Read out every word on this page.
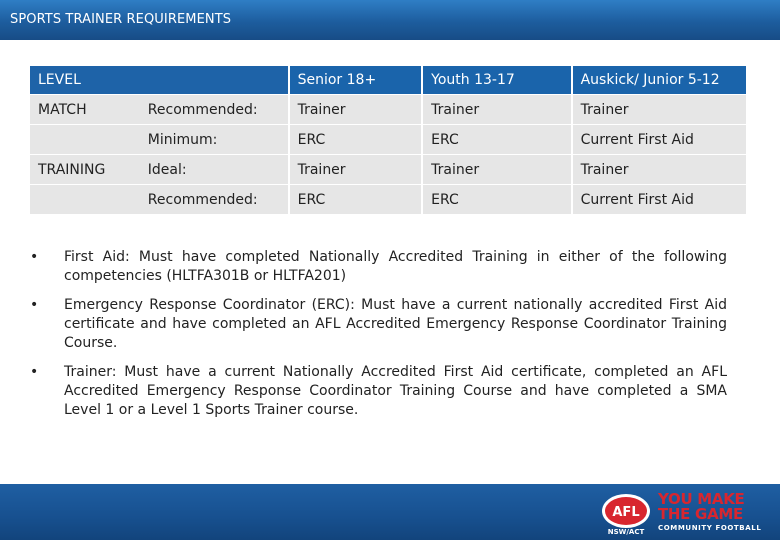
SPORTS TRAINER REQUIREMENTS
LEVEL		Senior 18+	Youth 13-17	Auskick/ Junior 5-12
MATCH	Recommended:	Trainer	Trainer	Trainer
	Minimum:	ERC	ERC	Current First Aid
TRAINING	Ideal:	Trainer	Trainer	Trainer
	Recommended:	ERC	ERC	Current First Aid
• First Aid: Must have completed Nationally Accredited Training in either of the following competencies (HLTFA301B or HLTFA201)
• Emergency Response Coordinator (ERC): Must have a current nationally accredited First Aid certificate and have completed an AFL Accredited Emergency Response Coordinator Training Course.
• Trainer: Must have a current Nationally Accredited First Aid certificate, completed an AFL Accredited Emergency Response Coordinator Training Course and have completed a SMA Level 1 or a Level 1 Sports Trainer course.
AFL
NSW/ACT
YOU MAKE
THE GAME
COMMUNITY FOOTBALL
